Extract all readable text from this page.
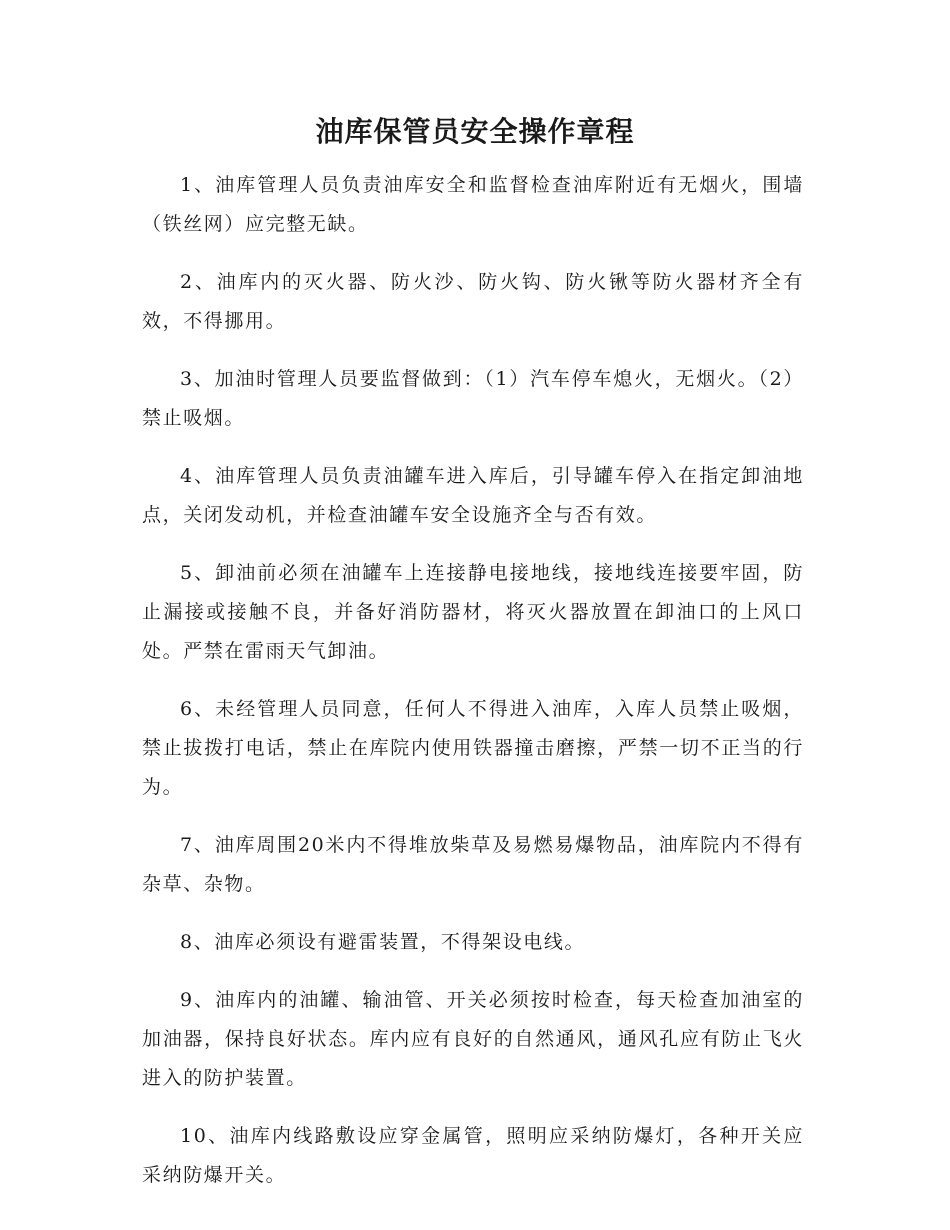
油库保管员安全操作章程

1、油库管理人员负责油库安全和监督检查油库附近有无烟火，围墙（铁丝网）应完整无缺。

2、油库内的灭火器、防火沙、防火钩、防火锹等防火器材齐全有效，不得挪用。

3、加油时管理人员要监督做到：（1）汽车停车熄火，无烟火。（2）禁止吸烟。

4、油库管理人员负责油罐车进入库后，引导罐车停入在指定卸油地点，关闭发动机，并检查油罐车安全设施齐全与否有效。

5、卸油前必须在油罐车上连接静电接地线，接地线连接要牢固，防止漏接或接触不良，并备好消防器材，将灭火器放置在卸油口的上风口处。严禁在雷雨天气卸油。

6、未经管理人员同意，任何人不得进入油库，入库人员禁止吸烟，禁止拔拨打电话，禁止在库院内使用铁器撞击磨擦，严禁一切不正当的行为。

7、油库周围20米内不得堆放柴草及易燃易爆物品，油库院内不得有杂草、杂物。

8、油库必须设有避雷装置，不得架设电线。

9、油库内的油罐、输油管、开关必须按时检查，每天检查加油室的加油器，保持良好状态。库内应有良好的自然通风，通风孔应有防止飞火进入的防护装置。

10、油库内线路敷设应穿金属管，照明应采纳防爆灯，各种开关应采纳防爆开关。
